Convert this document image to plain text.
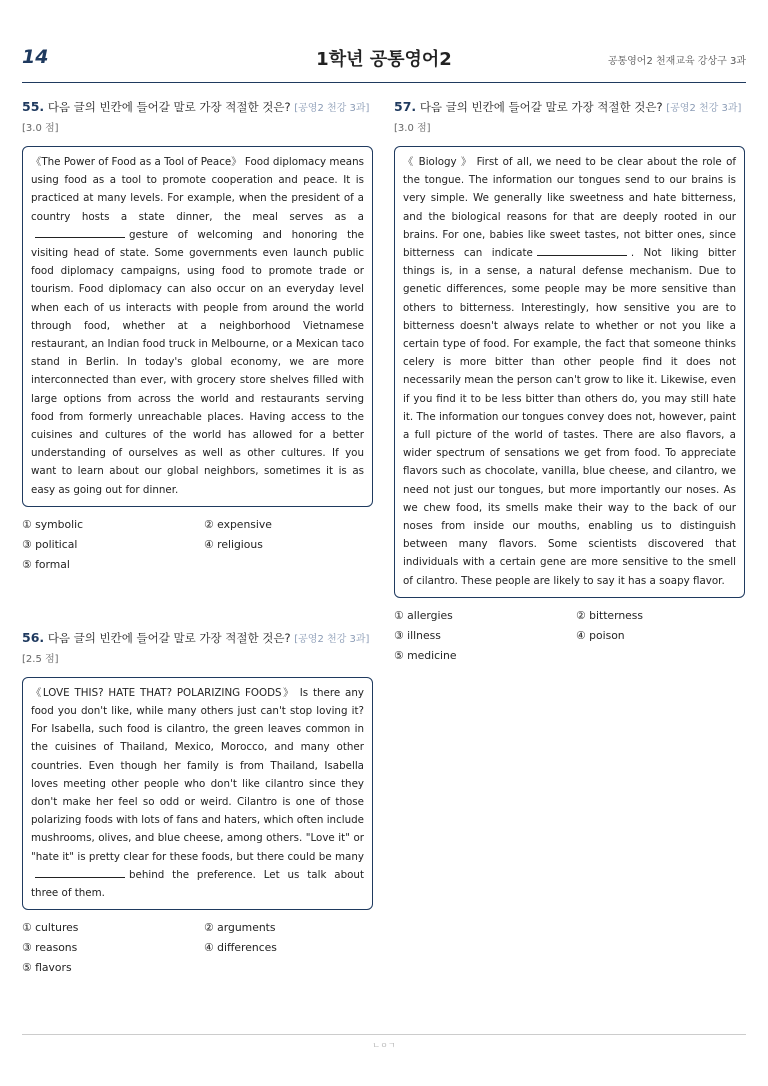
14	1학년 공통영어2	공통영어2 천재교육 강상구 3과
55. 다음 글의 빈칸에 들어갈 말로 가장 적절한 것은? [공영2 천강 3과] [3.0 점]
《The Power of Food as a Tool of Peace》 Food diplomacy means using food as a tool to promote cooperation and peace. It is practiced at many levels. For example, when the president of a country hosts a state dinner, the meal serves as agesture of welcoming and honoring the visiting head of state. Some governments even launch public food diplomacy campaigns, using food to promote trade or tourism. Food diplomacy can also occur on an everyday level when each of us interacts with people from around the world through food, whether at a neighborhood Vietnamese restaurant, an Indian food truck in Melbourne, or a Mexican taco stand in Berlin. In today's global economy, we are more interconnected than ever, with grocery store shelves filled with large options from across the world and restaurants serving food from formerly unreachable places. Having access to the cuisines and cultures of the world has allowed for a better understanding of ourselves as well as other cultures. If you want to learn about our global neighbors, sometimes it is as easy as going out for dinner.
① symbolic	② expensive
③ political	④ religious
⑤ formal
56. 다음 글의 빈칸에 들어갈 말로 가장 적절한 것은? [공영2 천강 3과] [2.5 점]
《LOVE THIS? HATE THAT? POLARIZING FOODS》 Is there any food you don't like, while many others just can't stop loving it? For Isabella, such food is cilantro, the green leaves common in the cuisines of Thailand, Mexico, Morocco, and many other countries. Even though her family is from Thailand, Isabella loves meeting other people who don't like cilantro since they don't make her feel so odd or weird. Cilantro is one of those polarizing foods with lots of fans and haters, which often include mushrooms, olives, and blue cheese, among others. "Love it" or "hate it" is pretty clear for these foods, but there could be manybehind the preference. Let us talk about three of them.
① cultures	② arguments
③ reasons	④ differences
⑤ flavors
57. 다음 글의 빈칸에 들어갈 말로 가장 적절한 것은? [공영2 천강 3과] [3.0 점]
《 Biology 》 First of all, we need to be clear about the role of the tongue. The information our tongues send to our brains is very simple. We generally like sweetness and hate bitterness, and the biological reasons for that are deeply rooted in our brains. For one, babies like sweet tastes, not bitter ones, since bitterness can indicate	. Not liking bitter things is, in a sense, a natural defense mechanism. Due to genetic differences, some people may be more sensitive than others to bitterness. Interestingly, how sensitive you are to bitterness doesn't always relate to whether or not you like a certain type of food. For example, the fact that someone thinks celery is more bitter than other people find it does not necessarily mean the person can't grow to like it. Likewise, even if you find it to be less bitter than others do, you may still hate it. The information our tongues convey does not, however, paint a full picture of the world of tastes. There are also flavors, a wider spectrum of sensations we get from food. To appreciate flavors such as chocolate, vanilla, blue cheese, and cilantro, we need not just our tongues, but more importantly our noses. As we chew food, its smells make their way to the back of our noses from inside our mouths, enabling us to distinguish between many flavors. Some scientists discovered that individuals with a certain gene are more sensitive to the smell of cilantro. These people are likely to say it has a soapy flavor.
① allergies	② bitterness
③ illness	④ poison
⑤ medicine
ㄴㅇㄱ
